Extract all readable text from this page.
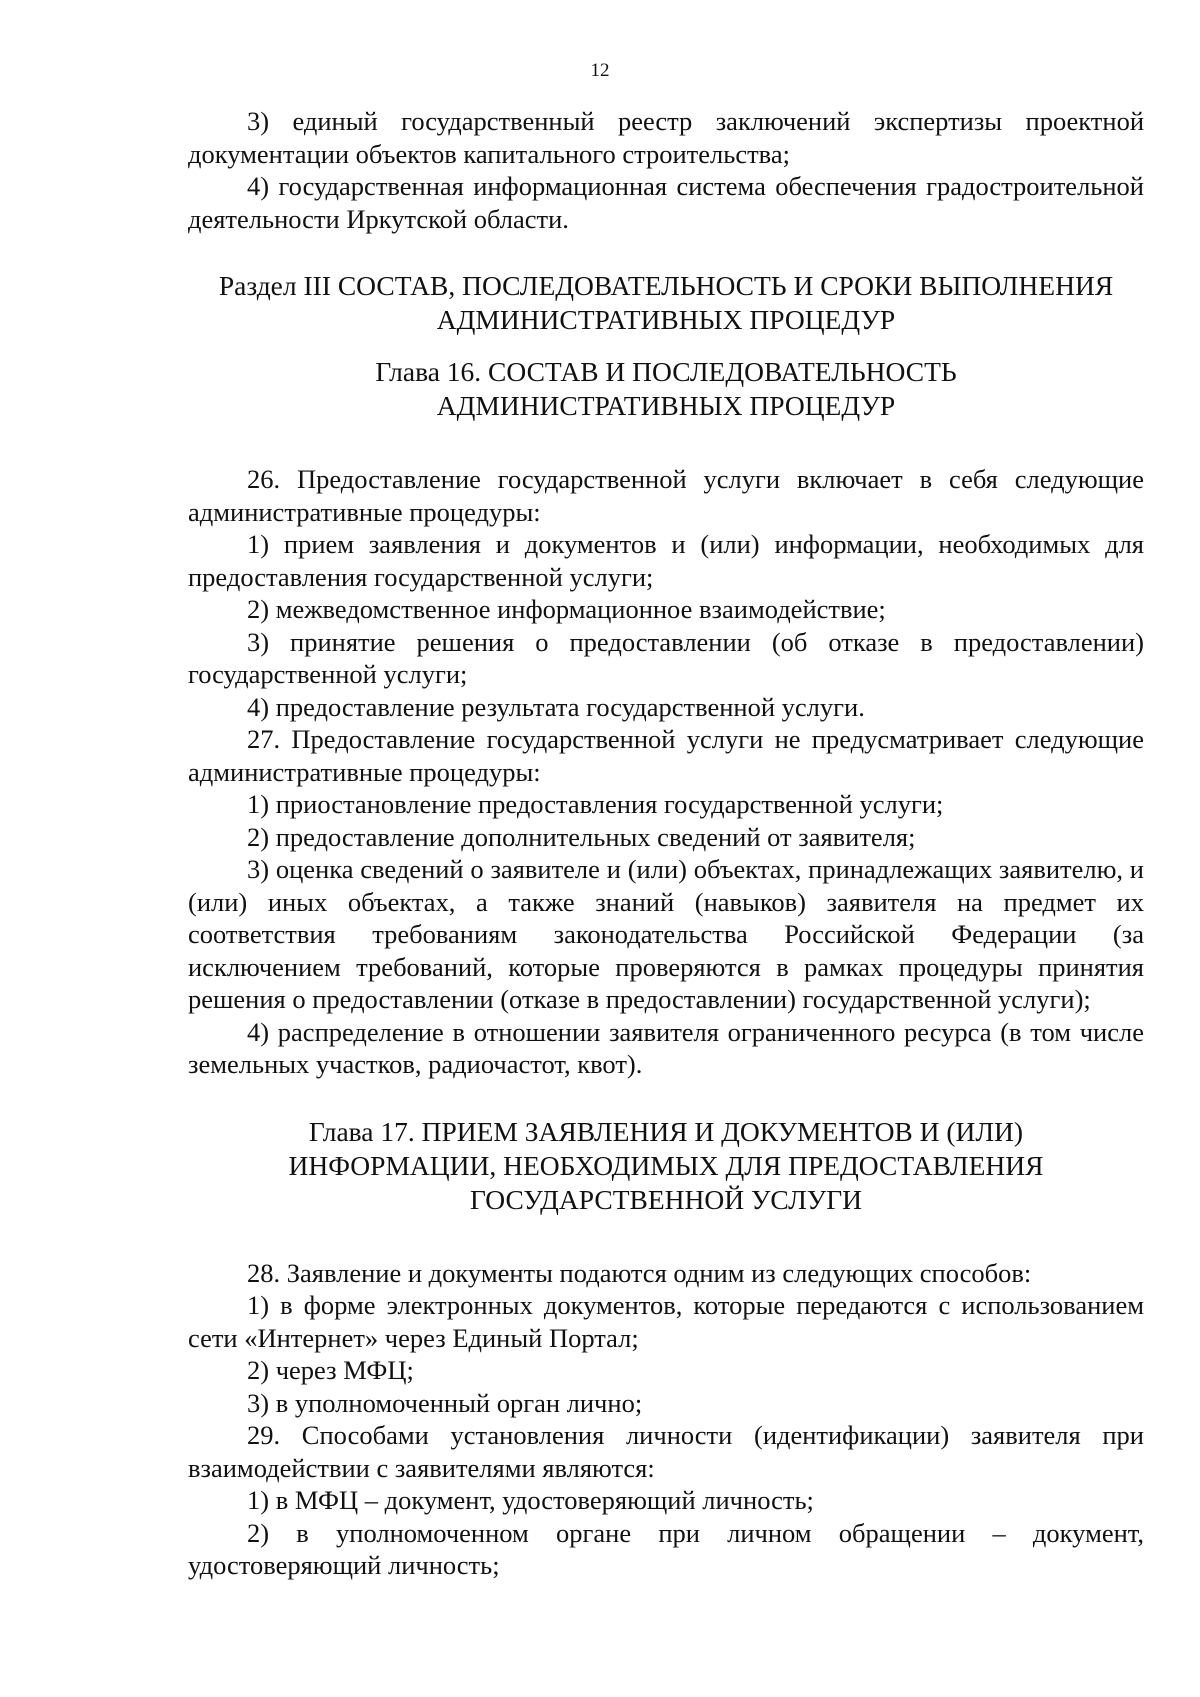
12

3) единый государственный реестр заключений экспертизы проектной документации объектов капитального строительства;

4) государственная информационная система обеспечения градостроительной деятельности Иркутской области.

Раздел III СОСТАВ, ПОСЛЕДОВАТЕЛЬНОСТЬ И СРОКИ ВЫПОЛНЕНИЯ
АДМИНИСТРАТИВНЫХ ПРОЦЕДУР
Глава 16. СОСТАВ И ПОСЛЕДОВАТЕЛЬНОСТЬ
АДМИНИСТРАТИВНЫХ ПРОЦЕДУР

26. Предоставление государственной услуги включает в себя следующие административные процедуры:

1) прием заявления и документов и (или) информации, необходимых для предоставления государственной услуги;

2) межведомственное информационное взаимодействие;

3) принятие решения о предоставлении (об отказе в предоставлении) государственной услуги;

4) предоставление результата государственной услуги.

27. Предоставление государственной услуги не предусматривает следующие административные процедуры:

1) приостановление предоставления государственной услуги;

2) предоставление дополнительных сведений от заявителя;

3) оценка сведений о заявителе и (или) объектах, принадлежащих заявителю, и (или) иных объектах, а также знаний (навыков) заявителя на предмет их соответствия требованиям законодательства Российской Федерации (за исключением требований, которые проверяются в рамках процедуры принятия решения о предоставлении (отказе в предоставлении) государственной услуги);

4) распределение в отношении заявителя ограниченного ресурса (в том числе земельных участков, радиочастот, квот).

Глава 17. ПРИЕМ ЗАЯВЛЕНИЯ И ДОКУМЕНТОВ И (ИЛИ)
ИНФОРМАЦИИ, НЕОБХОДИМЫХ ДЛЯ ПРЕДОСТАВЛЕНИЯ
ГОСУДАРСТВЕННОЙ УСЛУГИ

28. Заявление и документы подаются одним из следующих способов:

1) в форме электронных документов, которые передаются с использованием сети «Интернет» через Единый Портал;

2) через МФЦ;

3) в уполномоченный орган лично;

29. Способами установления личности (идентификации) заявителя при взаимодействии с заявителями являются:

1) в МФЦ – документ, удостоверяющий личность;

2) в уполномоченном органе при личном обращении – документ, удостоверяющий личность;
